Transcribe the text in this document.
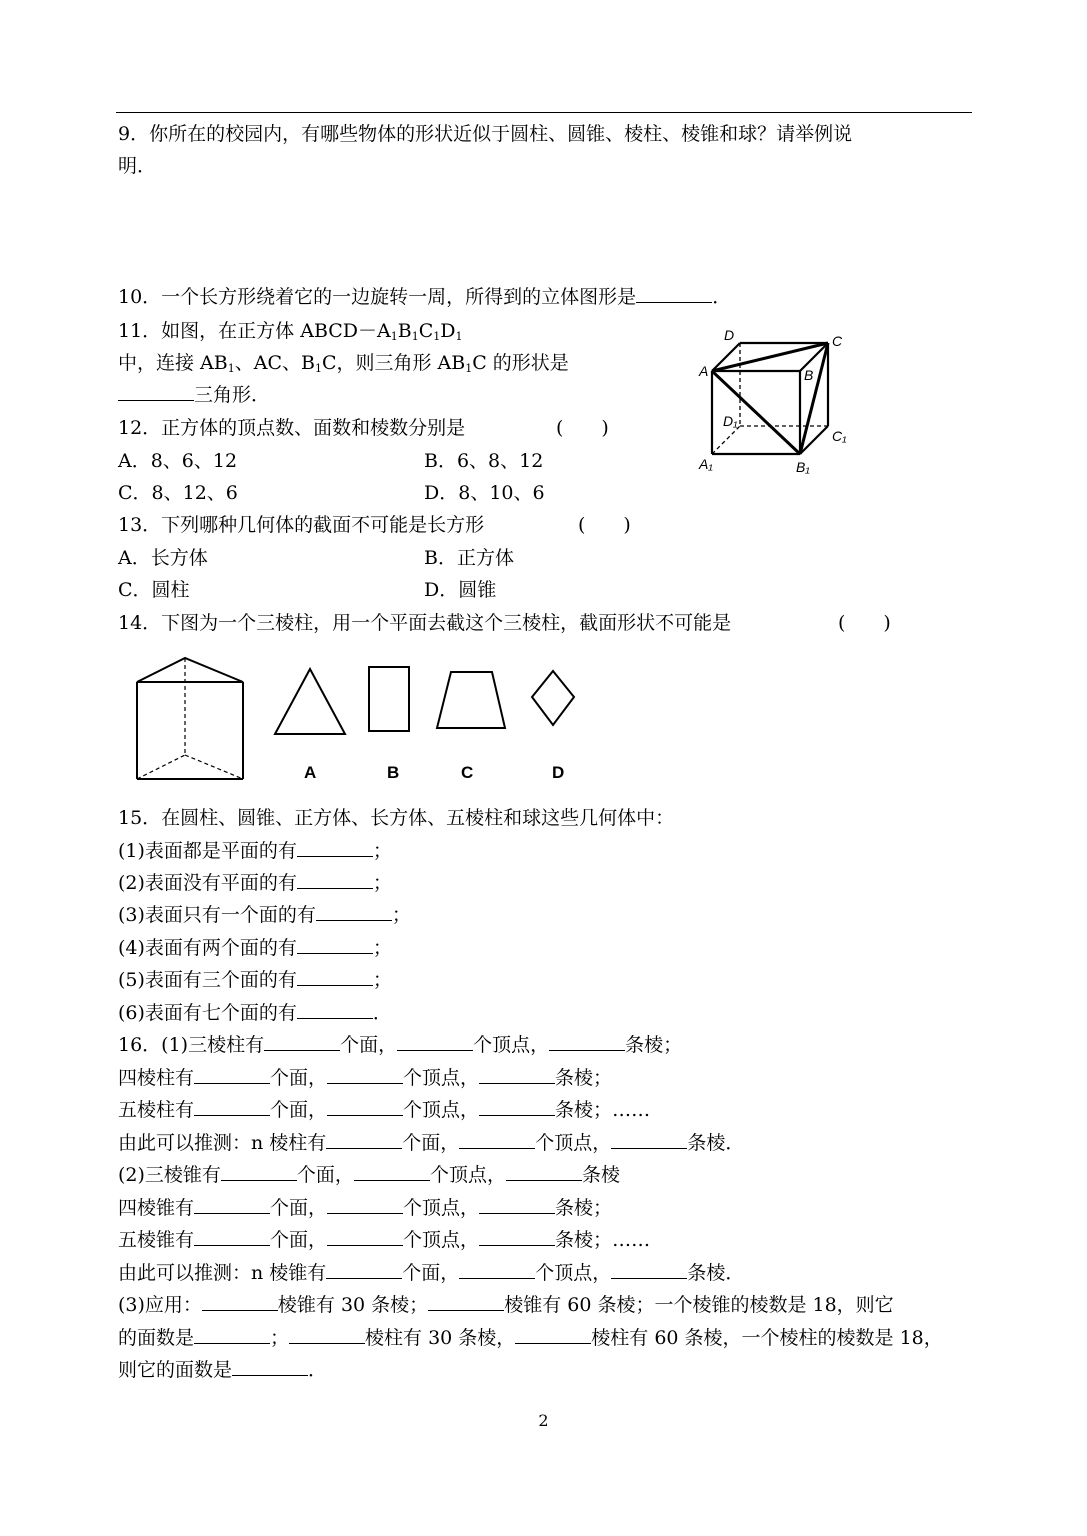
9．你所在的校园内，有哪些物体的形状近似于圆柱、圆锥、棱柱、棱锥和球？请举例说
明．
10．一个长方形绕着它的一边旋转一周，所得到的立体图形是	．
11．如图，在正方体 $ABCD-A_1B_1C_1D_1$
中，连接 $AB_1$、AC、$B_1C$，则三角形 $AB_1C$ 的形状是
三角形．
D	C
A	B
D₁
C₁
A₁	B₁
12．正方体的顶点数、面数和棱数分别是	(　　)
A．8、6、12	B．6、8、12
C．8、12、6	D．8、10、6
13．下列哪种几何体的截面不可能是长方形	(　　)
A．长方体	B．正方体
C．圆柱	D．圆锥
14．下图为一个三棱柱，用一个平面去截这个三棱柱，截面形状不可能是	(　　)
A	B	C	D
15．在圆柱、圆锥、正方体、长方体、五棱柱和球这些几何体中：
(1)表面都是平面的有	；
(2)表面没有平面的有	；
(3)表面只有一个面的有	；
(4)表面有两个面的有	；
(5)表面有三个面的有	；
(6)表面有七个面的有	．
16．(1)三棱柱有	个面，	个顶点，	条棱；
四棱柱有	个面，	个顶点，	条棱；
五棱柱有	个面，	个顶点，	条棱；……
由此可以推测：n 棱柱有	个面，	个顶点，	条棱．
(2)三棱锥有	个面，	个顶点，	条棱
四棱锥有	个面，	个顶点，	条棱；
五棱锥有	个面，	个顶点，	条棱；……
由此可以推测：n 棱锥有	个面，	个顶点，	条棱．
(3)应用：	棱锥有 30 条棱；	棱锥有 60 条棱；一个棱锥的棱数是 18，则它
的面数是	；	棱柱有 30 条棱，	棱柱有 60 条棱，一个棱柱的棱数是 18，
则它的面数是	．
2
